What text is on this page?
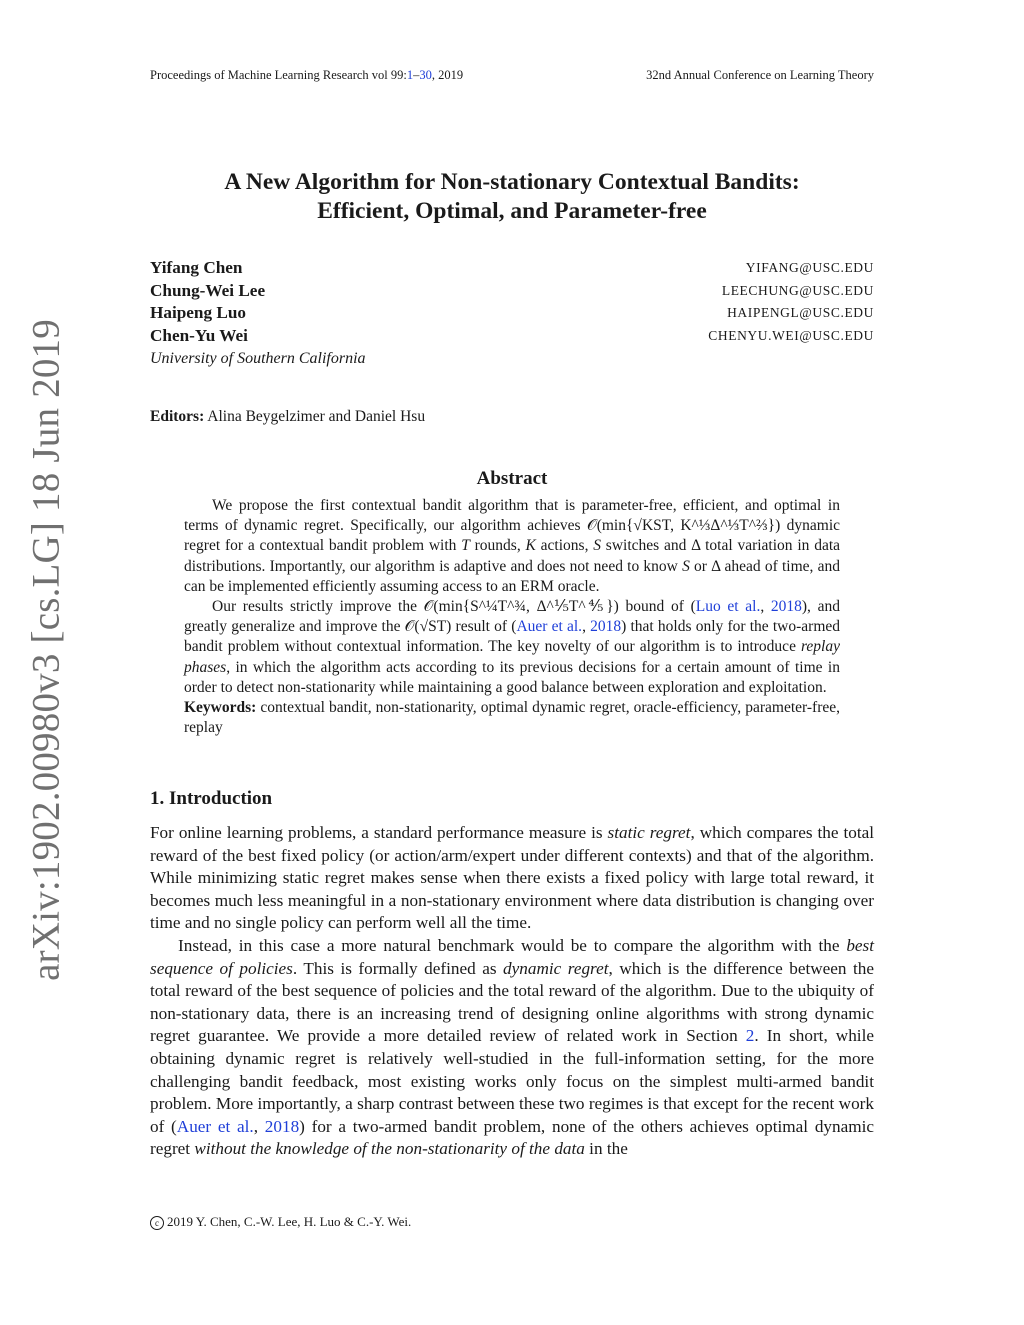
Proceedings of Machine Learning Research vol 99:1–30, 2019	32nd Annual Conference on Learning Theory
arXiv:1902.00980v3 [cs.LG] 18 Jun 2019
A New Algorithm for Non-stationary Contextual Bandits:
Efficient, Optimal, and Parameter-free
Yifang Chen	YIFANG@USC.EDU
Chung-Wei Lee	LEECHUNG@USC.EDU
Haipeng Luo	HAIPENGL@USC.EDU
Chen-Yu Wei	CHENYU.WEI@USC.EDU
University of Southern California
Editors: Alina Beygelzimer and Daniel Hsu
Abstract

We propose the first contextual bandit algorithm that is parameter-free, efficient, and optimal in terms of dynamic regret. Specifically, our algorithm achieves 𝒪(min{√KST, K^⅓Δ^⅓T^⅔}) dynamic regret for a contextual bandit problem with T rounds, K actions, S switches and Δ total variation in data distributions. Importantly, our algorithm is adaptive and does not need to know S or Δ ahead of time, and can be implemented efficiently assuming access to an ERM oracle.

Our results strictly improve the 𝒪(min{S^¼T^¾, Δ^⅕T^⅘}) bound of (Luo et al., 2018), and greatly generalize and improve the 𝒪(√ST) result of (Auer et al., 2018) that holds only for the two-armed bandit problem without contextual information. The key novelty of our algorithm is to introduce replay phases, in which the algorithm acts according to its previous decisions for a certain amount of time in order to detect non-stationarity while maintaining a good balance between exploration and exploitation.

Keywords: contextual bandit, non-stationarity, optimal dynamic regret, oracle-efficiency, parameter-free, replay

1. Introduction

For online learning problems, a standard performance measure is static regret, which compares the total reward of the best fixed policy (or action/arm/expert under different contexts) and that of the algorithm. While minimizing static regret makes sense when there exists a fixed policy with large total reward, it becomes much less meaningful in a non-stationary environment where data distribution is changing over time and no single policy can perform well all the time.

Instead, in this case a more natural benchmark would be to compare the algorithm with the best sequence of policies. This is formally defined as dynamic regret, which is the difference between the total reward of the best sequence of policies and the total reward of the algorithm. Due to the ubiquity of non-stationary data, there is an increasing trend of designing online algorithms with strong dynamic regret guarantee. We provide a more detailed review of related work in Section 2. In short, while obtaining dynamic regret is relatively well-studied in the full-information setting, for the more challenging bandit feedback, most existing works only focus on the simplest multi-armed bandit problem. More importantly, a sharp contrast between these two regimes is that except for the recent work of (Auer et al., 2018) for a two-armed bandit problem, none of the others achieves optimal dynamic regret without the knowledge of the non-stationarity of the data in the

c 2019 Y. Chen, C.-W. Lee, H. Luo & C.-Y. Wei.
